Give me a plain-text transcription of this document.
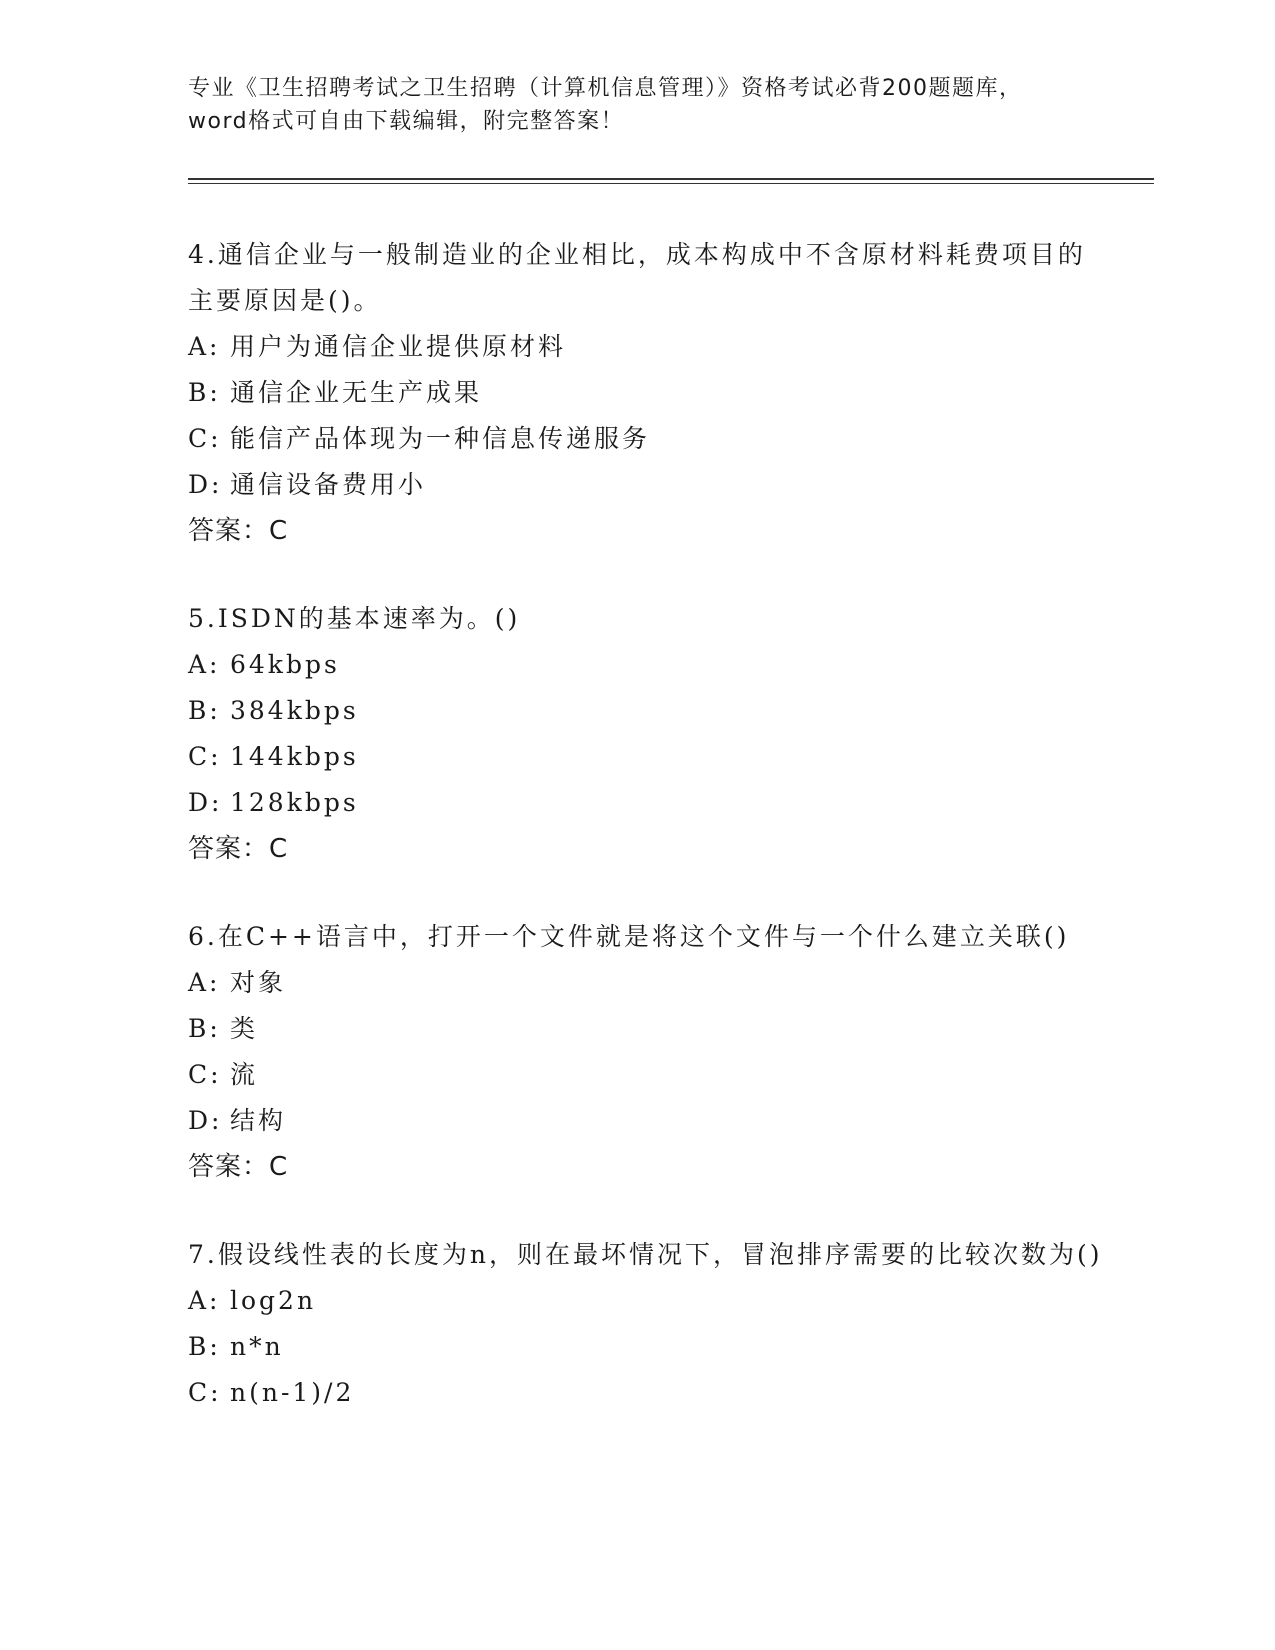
专业《卫生招聘考试之卫生招聘（计算机信息管理）》资格考试必背200题题库，
word格式可自由下载编辑，附完整答案！
4.通信企业与一般制造业的企业相比，成本构成中不含原材料耗费项目的主要原因是()。
A: 用户为通信企业提供原材料
B: 通信企业无生产成果
C: 能信产品体现为一种信息传递服务
D: 通信设备费用小
答案：C
5.ISDN的基本速率为。()
A: 64kbps
B: 384kbps
C: 144kbps
D: 128kbps
答案：C
6.在C++语言中，打开一个文件就是将这个文件与一个什么建立关联()
A: 对象
B: 类
C: 流
D: 结构
答案：C
7.假设线性表的长度为n，则在最坏情况下，冒泡排序需要的比较次数为()
A: log2n
B: n*n
C: n(n-1)/2
